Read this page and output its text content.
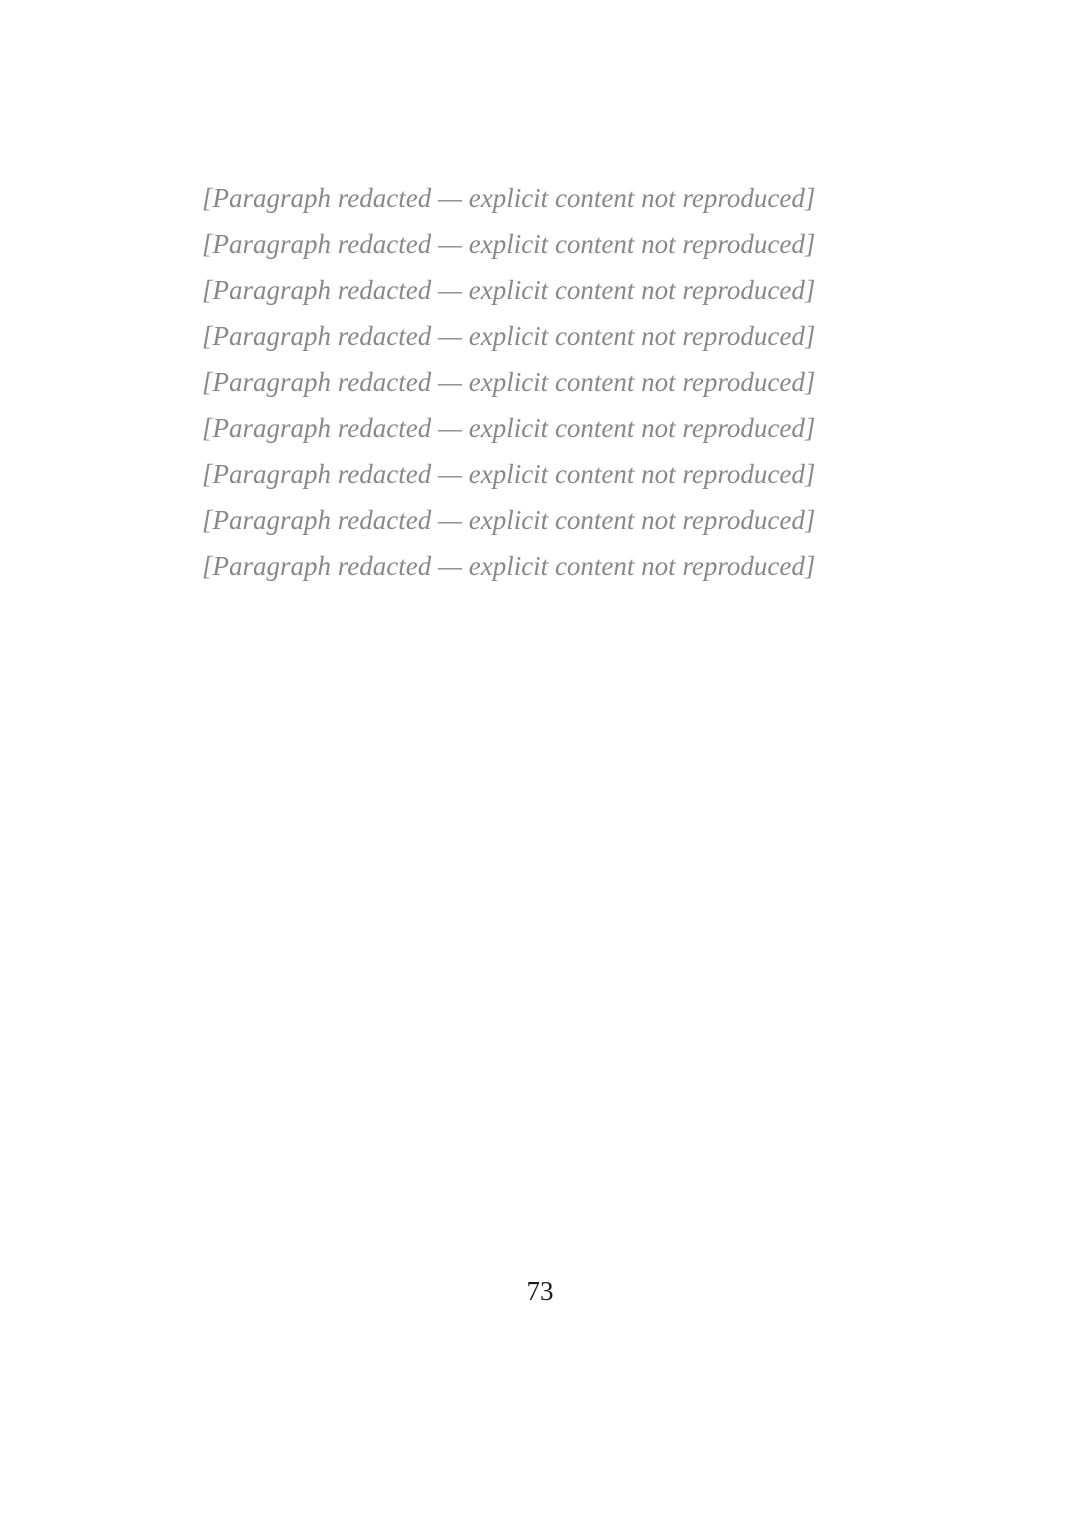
[Paragraph redacted — explicit content not reproduced]

[Paragraph redacted — explicit content not reproduced]

[Paragraph redacted — explicit content not reproduced]

[Paragraph redacted — explicit content not reproduced]

[Paragraph redacted — explicit content not reproduced]

[Paragraph redacted — explicit content not reproduced]

[Paragraph redacted — explicit content not reproduced]

[Paragraph redacted — explicit content not reproduced]

[Paragraph redacted — explicit content not reproduced]

73
